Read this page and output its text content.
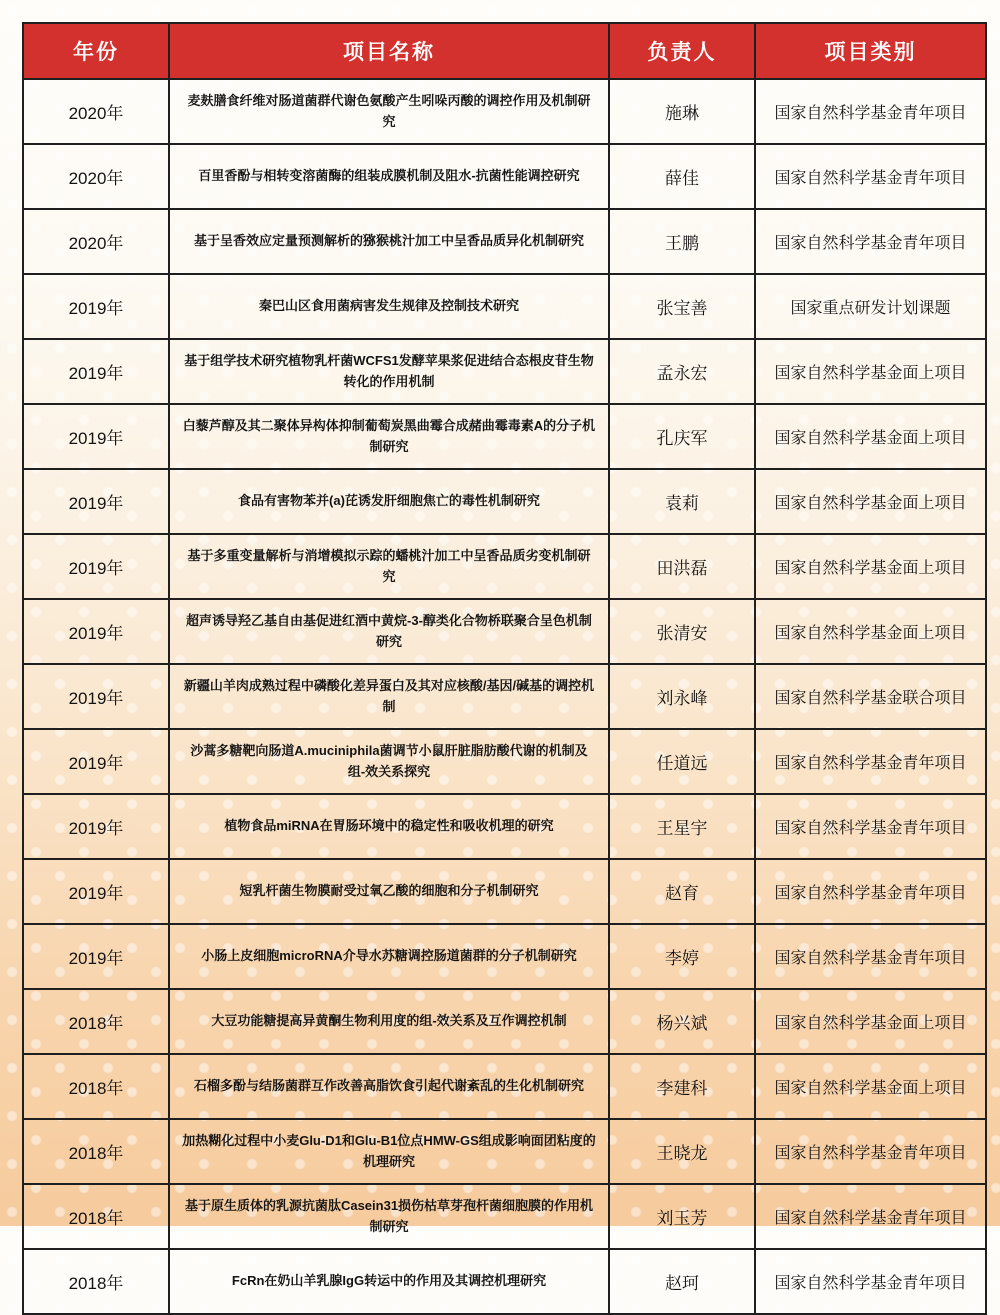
年份	项目名称	负责人	项目类别
2020年	麦麸膳食纤维对肠道菌群代谢色氨酸产生吲哚丙酸的调控作用及机制研究	施琳	国家自然科学基金青年项目
2020年	百里香酚与相转变溶菌酶的组装成膜机制及阻水-抗菌性能调控研究	薛佳	国家自然科学基金青年项目
2020年	基于呈香效应定量预测解析的猕猴桃汁加工中呈香品质异化机制研究	王鹏	国家自然科学基金青年项目
2019年	秦巴山区食用菌病害发生规律及控制技术研究	张宝善	国家重点研发计划课题
2019年	基于组学技术研究植物乳杆菌WCFS1发酵苹果浆促进结合态根皮苷生物转化的作用机制	孟永宏	国家自然科学基金面上项目
2019年	白藜芦醇及其二聚体异构体抑制葡萄炭黑曲霉合成赭曲霉毒素A的分子机制研究	孔庆军	国家自然科学基金面上项目
2019年	食品有害物苯并(a)芘诱发肝细胞焦亡的毒性机制研究	袁莉	国家自然科学基金面上项目
2019年	基于多重变量解析与消增模拟示踪的蟠桃汁加工中呈香品质劣变机制研究	田洪磊	国家自然科学基金面上项目
2019年	超声诱导羟乙基自由基促进红酒中黄烷-3-醇类化合物桥联聚合呈色机制研究	张清安	国家自然科学基金面上项目
2019年	新疆山羊肉成熟过程中磷酸化差异蛋白及其对应核酸/基因/碱基的调控机制	刘永峰	国家自然科学基金联合项目
2019年	沙蒿多糖靶向肠道A.muciniphila菌调节小鼠肝脏脂肪酸代谢的机制及组-效关系探究	任道远	国家自然科学基金青年项目
2019年	植物食品miRNA在胃肠环境中的稳定性和吸收机理的研究	王星宇	国家自然科学基金青年项目
2019年	短乳杆菌生物膜耐受过氧乙酸的细胞和分子机制研究	赵育	国家自然科学基金青年项目
2019年	小肠上皮细胞microRNA介导水苏糖调控肠道菌群的分子机制研究	李婷	国家自然科学基金青年项目
2018年	大豆功能糖提高异黄酮生物利用度的组-效关系及互作调控机制	杨兴斌	国家自然科学基金面上项目
2018年	石榴多酚与结肠菌群互作改善高脂饮食引起代谢紊乱的生化机制研究	李建科	国家自然科学基金面上项目
2018年	加热糊化过程中小麦Glu-D1和Glu-B1位点HMW-GS组成影响面团粘度的机理研究	王晓龙	国家自然科学基金青年项目
2018年	基于原生质体的乳源抗菌肽Casein31损伤枯草芽孢杆菌细胞膜的作用机制研究	刘玉芳	国家自然科学基金青年项目
2018年	FcRn在奶山羊乳腺IgG转运中的作用及其调控机理研究	赵珂	国家自然科学基金青年项目
